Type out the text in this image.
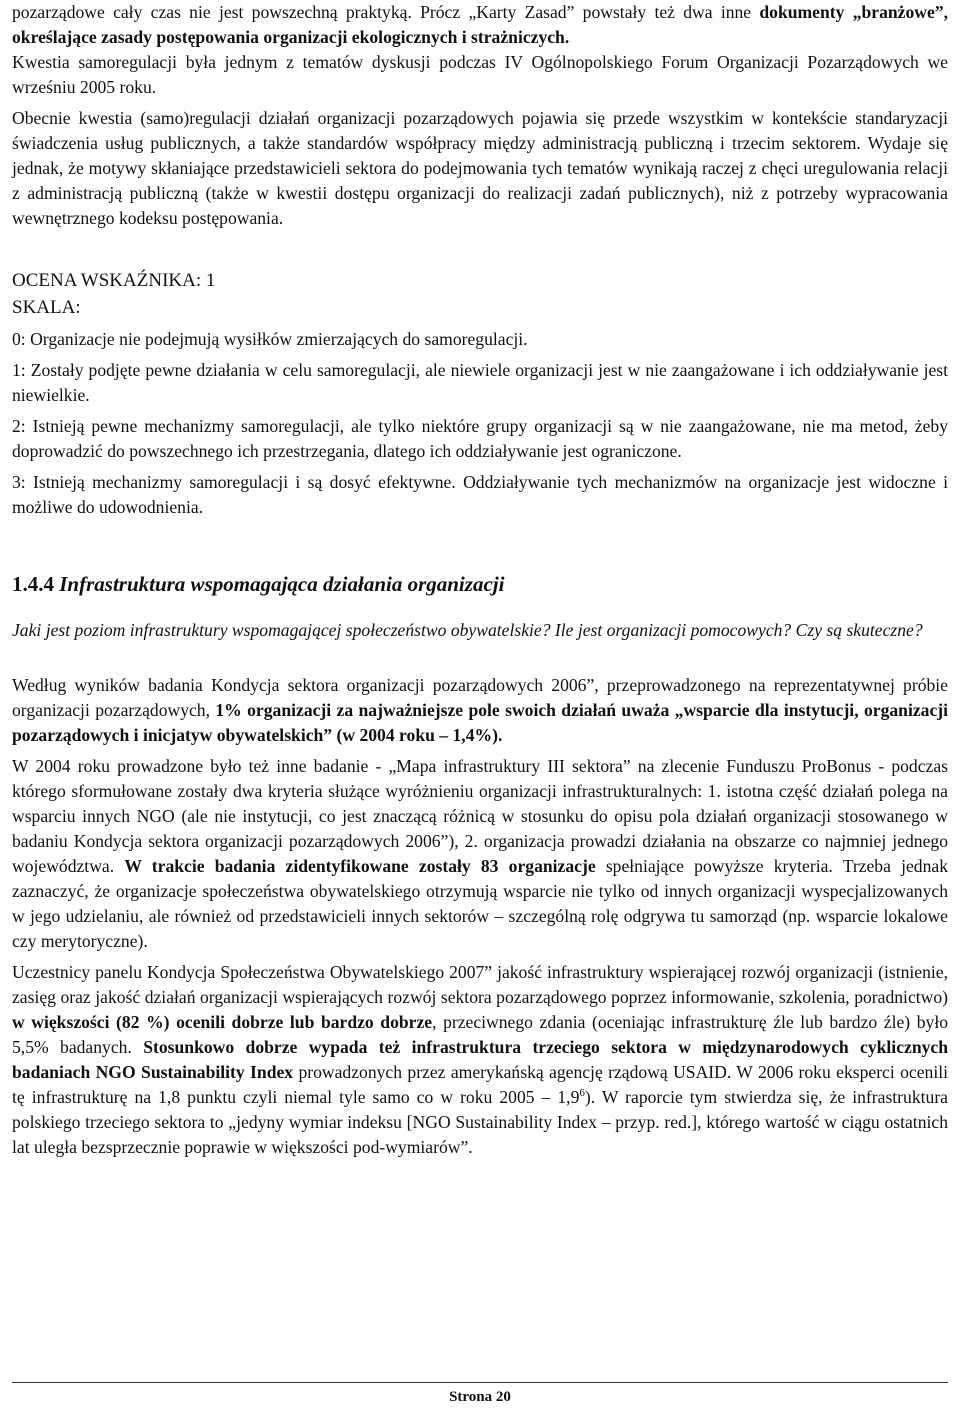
pozarządowe cały czas nie jest powszechną praktyką. Prócz „Karty Zasad” powstały też dwa inne dokumenty „branżowe”, określające zasady postępowania organizacji ekologicznych i strażniczych.

Kwestia samoregulacji była jednym z tematów dyskusji podczas IV Ogólnopolskiego Forum Organizacji Pozarządowych we wrześniu 2005 roku.

Obecnie kwestia (samo)regulacji działań organizacji pozarządowych pojawia się przede wszystkim w kontekście standaryzacji świadczenia usług publicznych, a także standardów współpracy między administracją publiczną i trzecim sektorem. Wydaje się jednak, że motywy skłaniające przedstawicieli sektora do podejmowania tych tematów wynikają raczej z chęci uregulowania relacji z administracją publiczną (także w kwestii dostępu organizacji do realizacji zadań publicznych), niż z potrzeby wypracowania wewnętrznego kodeksu postępowania.

OCENA WSKAŹNIKA: 1

SKALA:

0: Organizacje nie podejmują wysiłków zmierzających do samoregulacji.

1: Zostały podjęte pewne działania w celu samoregulacji, ale niewiele organizacji jest w nie zaangażowane i ich oddziaływanie jest niewielkie.

2: Istnieją pewne mechanizmy samoregulacji, ale tylko niektóre grupy organizacji są w nie zaangażowane, nie ma metod, żeby doprowadzić do powszechnego ich przestrzegania, dlatego ich oddziaływanie jest ograniczone.

3: Istnieją mechanizmy samoregulacji i są dosyć efektywne. Oddziaływanie tych mechanizmów na organizacje jest widoczne i możliwe do udowodnienia.

1.4.4 Infrastruktura wspomagająca działania organizacji

Jaki jest poziom infrastruktury wspomagającej społeczeństwo obywatelskie? Ile jest organizacji pomocowych? Czy są skuteczne?

Według wyników badania Kondycja sektora organizacji pozarządowych 2006”, przeprowadzonego na reprezentatywnej próbie organizacji pozarządowych, 1% organizacji za najważniejsze pole swoich działań uważa „wsparcie dla instytucji, organizacji pozarządowych i inicjatyw obywatelskich” (w 2004 roku – 1,4%).

W 2004 roku prowadzone było też inne badanie - „Mapa infrastruktury III sektora” na zlecenie Funduszu ProBonus - podczas którego sformułowane zostały dwa kryteria służące wyróżnieniu organizacji infrastrukturalnych: 1. istotna część działań polega na wsparciu innych NGO (ale nie instytucji, co jest znaczącą różnicą w stosunku do opisu pola działań organizacji stosowanego w badaniu Kondycja sektora organizacji pozarządowych 2006”), 2. organizacja prowadzi działania na obszarze co najmniej jednego województwa. W trakcie badania zidentyfikowane zostały 83 organizacje spełniające powyższe kryteria. Trzeba jednak zaznaczyć, że organizacje społeczeństwa obywatelskiego otrzymują wsparcie nie tylko od innych organizacji wyspecjalizowanych w jego udzielaniu, ale również od przedstawicieli innych sektorów – szczególną rolę odgrywa tu samorząd (np. wsparcie lokalowe czy merytoryczne).

Uczestnicy panelu Kondycja Społeczeństwa Obywatelskiego 2007” jakość infrastruktury wspierającej rozwój organizacji (istnienie, zasięg oraz jakość działań organizacji wspierających rozwój sektora pozarządowego poprzez informowanie, szkolenia, poradnictwo) w większości (82 %) ocenili dobrze lub bardzo dobrze, przeciwnego zdania (oceniając infrastrukturę źle lub bardzo źle) było 5,5% badanych. Stosunkowo dobrze wypada też infrastruktura trzeciego sektora w międzynarodowych cyklicznych badaniach NGO Sustainability Index prowadzonych przez amerykańską agencję rządową USAID. W 2006 roku eksperci ocenili tę infrastrukturę na 1,8 punktu czyli niemal tyle samo co w roku $2005 - 1,9^6$). W raporcie tym stwierdza się, że infrastruktura polskiego trzeciego sektora to „jedyny wymiar indeksu [NGO Sustainability Index – przyp. red.], którego wartość w ciągu ostatnich lat uległa bezsprzecznie poprawie w większości pod-wymiarów”.

Strona 20
